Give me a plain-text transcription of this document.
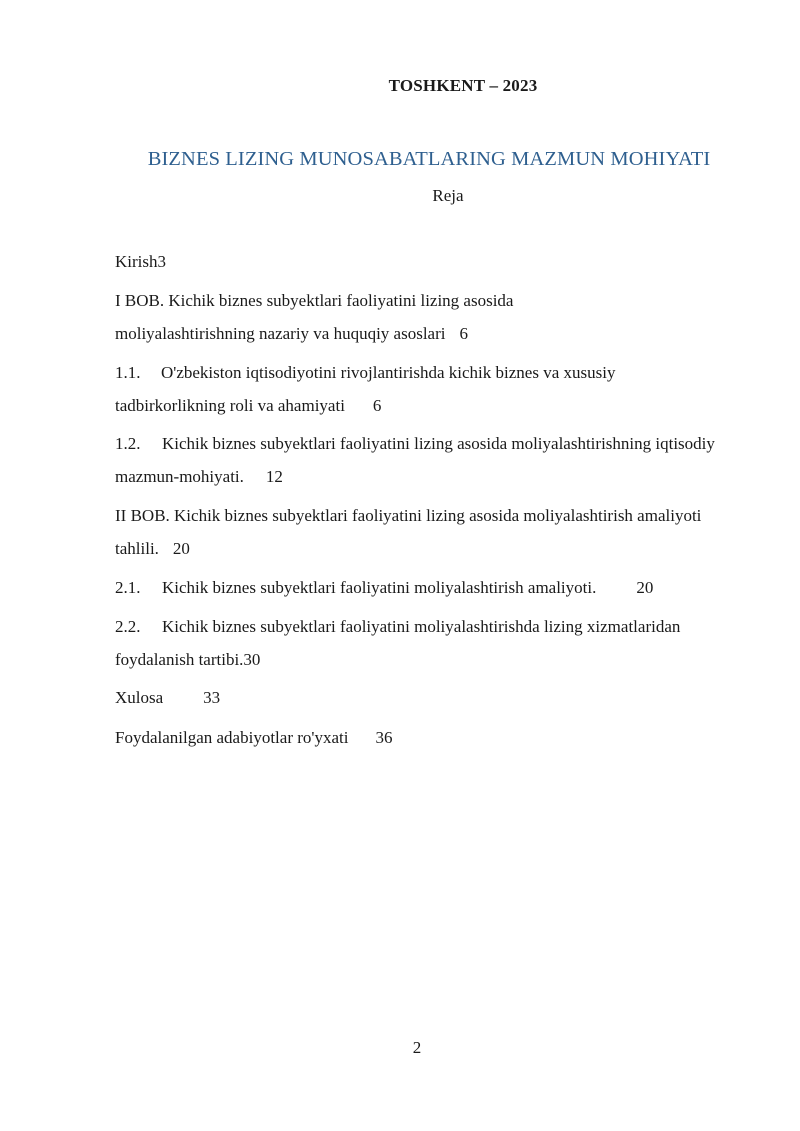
TOSHKENT – 2023
BIZNES LIZING MUNOSABATLARING MAZMUN MOHIYATI
Reja
Kirish3
I BOB. Kichik biznes subyektlari faoliyatini lizing asosida moliyalashtirishning nazariy va huquqiy asoslari 6
1.1. O'zbekiston iqtisodiyotini rivojlantirishda kichik biznes va xususiy tadbirkorlikning roli va ahamiyati 6
1.2. Kichik biznes subyektlari faoliyatini lizing asosida moliyalashtirishning iqtisodiy mazmun-mohiyati. 12
II BOB. Kichik biznes subyektlari faoliyatini lizing asosida moliyalashtirish amaliyoti tahlili. 20
2.1. Kichik biznes subyektlari faoliyatini moliyalashtirish amaliyoti. 20
2.2. Kichik biznes subyektlari faoliyatini moliyalashtirishda lizing xizmatlaridan foydalanish tartibi.30
Xulosa 33
Foydalanilgan adabiyotlar ro'yxati 36
2
